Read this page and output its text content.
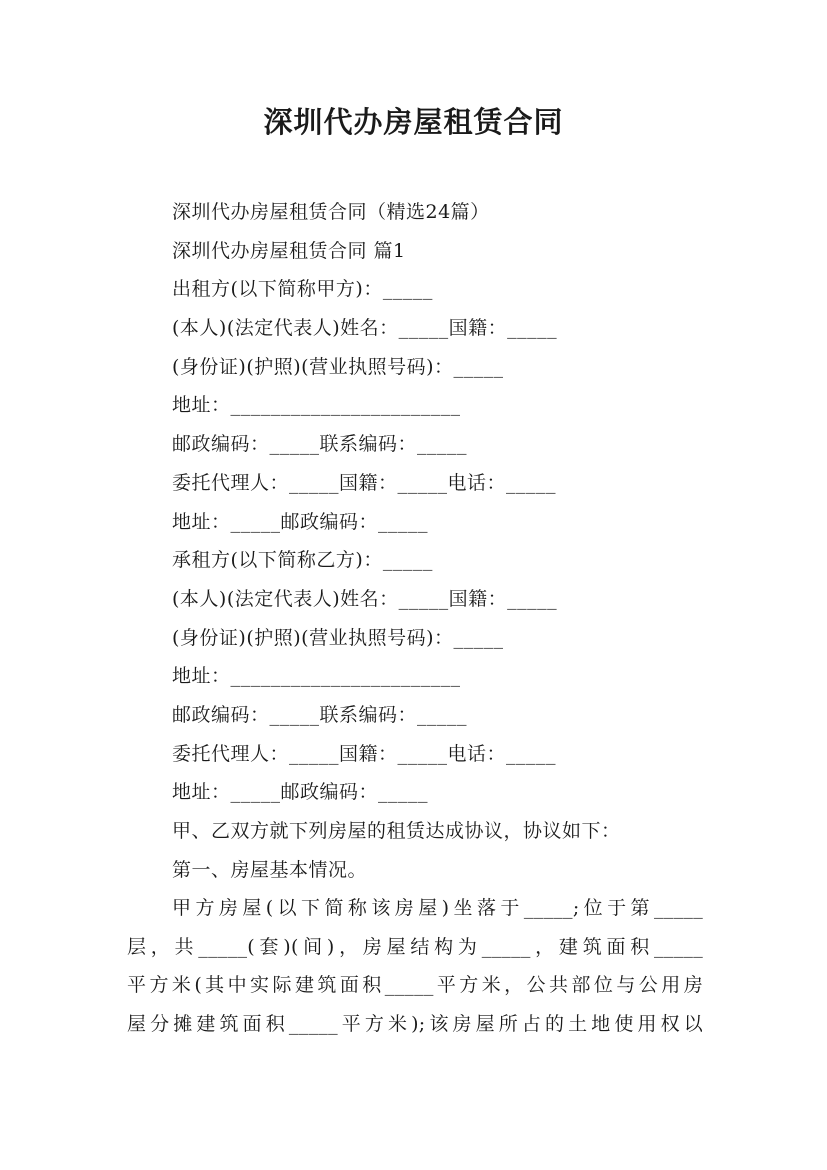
深圳代办房屋租赁合同
深圳代办房屋租赁合同（精选24篇）
深圳代办房屋租赁合同 篇1
出租方(以下简称甲方)：_____
(本人)(法定代表人)姓名：_____国籍：_____
(身份证)(护照)(营业执照号码)：_____
地址：_______________________
邮政编码：_____联系编码：_____
委托代理人：_____国籍：_____电话：_____
地址：_____邮政编码：_____
承租方(以下简称乙方)：_____
(本人)(法定代表人)姓名：_____国籍：_____
(身份证)(护照)(营业执照号码)：_____
地址：_______________________
邮政编码：_____联系编码：_____
委托代理人：_____国籍：_____电话：_____
地址：_____邮政编码：_____
甲、乙双方就下列房屋的租赁达成协议，协议如下：
第一、房屋基本情况。
甲方房屋(以下简称该房屋)坐落于_____;位于第_____
层，共_____(套)(间)，房屋结构为_____，建筑面积_____
平方米(其中实际建筑面积_____平方米，公共部位与公用房
屋分摊建筑面积_____平方米);该房屋所占的土地使用权以
